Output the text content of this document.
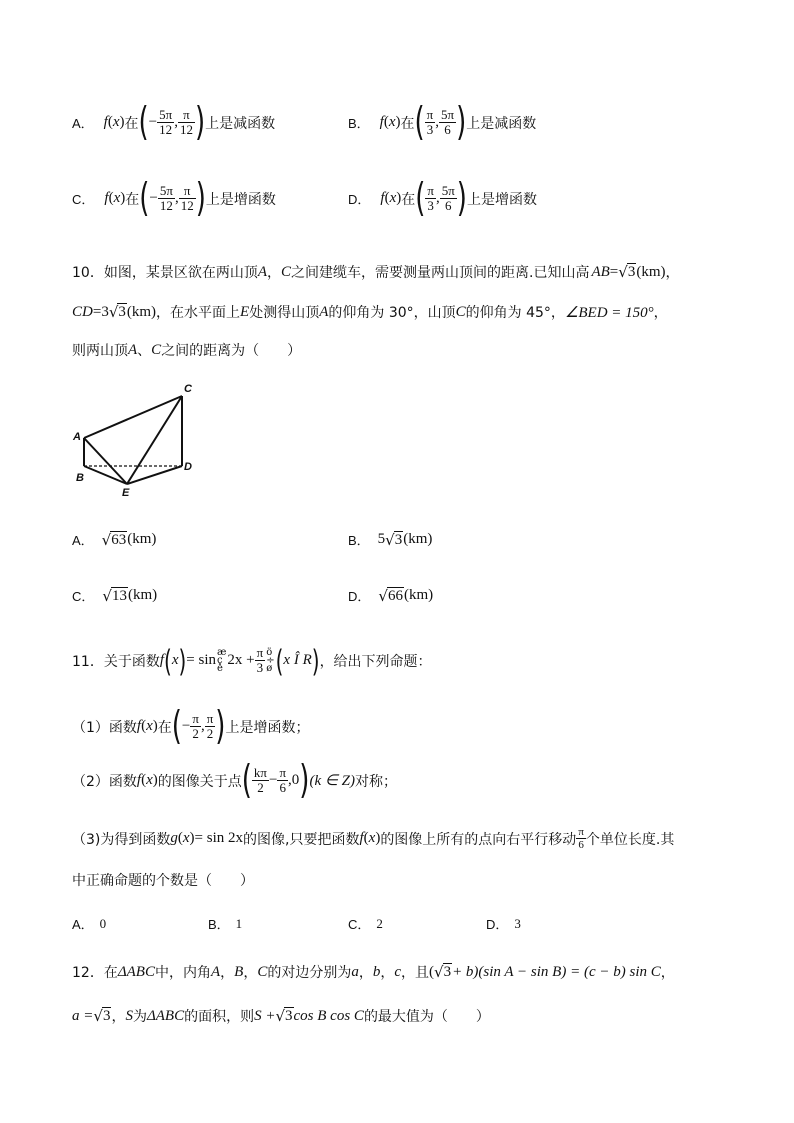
A． f ( x ) 在 ( − $\frac{5\pi}{12}$ , $\frac{\pi}{12}$ ) 上是减函数	B． f ( x ) 在 ( $\frac{\pi}{3}$ , $\frac{5\pi}{6}$ ) 上是减函数
C． f ( x ) 在 ( − $\frac{5\pi}{12}$ , $\frac{\pi}{12}$ ) 上是增函数	D． f ( x ) 在 ( $\frac{\pi}{3}$ , $\frac{5\pi}{6}$ ) 上是增函数
10．如图，某景区欲在两山顶 A ， C 之间建缆车，需要测量两山顶间的距离.已知山高 AB = √ 3 (km) ，
CD = 3 √ 3 (km) ，在水平面上 E 处测得山顶 A 的仰角为 30°，山顶 C 的仰角为 45°， ∠BED = 150° ，
则两山顶 A 、 C 之间的距离为（　　）
A
B
C
D
E
A． √ 63 (km)	B． 5 √ 3 (km)
C． √ 13 (km)	D． √ 66 (km)
11．关于函数 f ( x ) = sin æ
ç
è $2x + \frac{\pi}{3}$ ö
÷
ø ( x Î R ) ，给出下列命题：
（1）函数 f ( x ) 在 ( − $\frac{\pi}{2}$ , $\frac{\pi}{2}$ ) 上是增函数；
（2）函数 f ( x ) 的图像关于点 ( $\frac{k\pi}{2} - \frac{\pi}{6} ,0$ ) (k ∈ Z) 对称；
（3)为得到函数 g ( x ) = sin 2x 的图像,只要把函数 f ( x ) 的图像上所有的点向右平行移动 $\frac{\pi}{6}$ 个单位长度.其
中正确命题的个数是（　　）
A． 0	B． 1	C． 2	D． 3
12．在 ΔABC 中，内角 A ， B ， C 的对边分别为 a ， b ， c ，且 ( √ 3 + b)(sin A − sin B) = (c − b) sin C ，
a = √ 3 ， S 为 ΔABC 的面积，则 S + √ 3 cos B cos C 的最大值为（　　）
